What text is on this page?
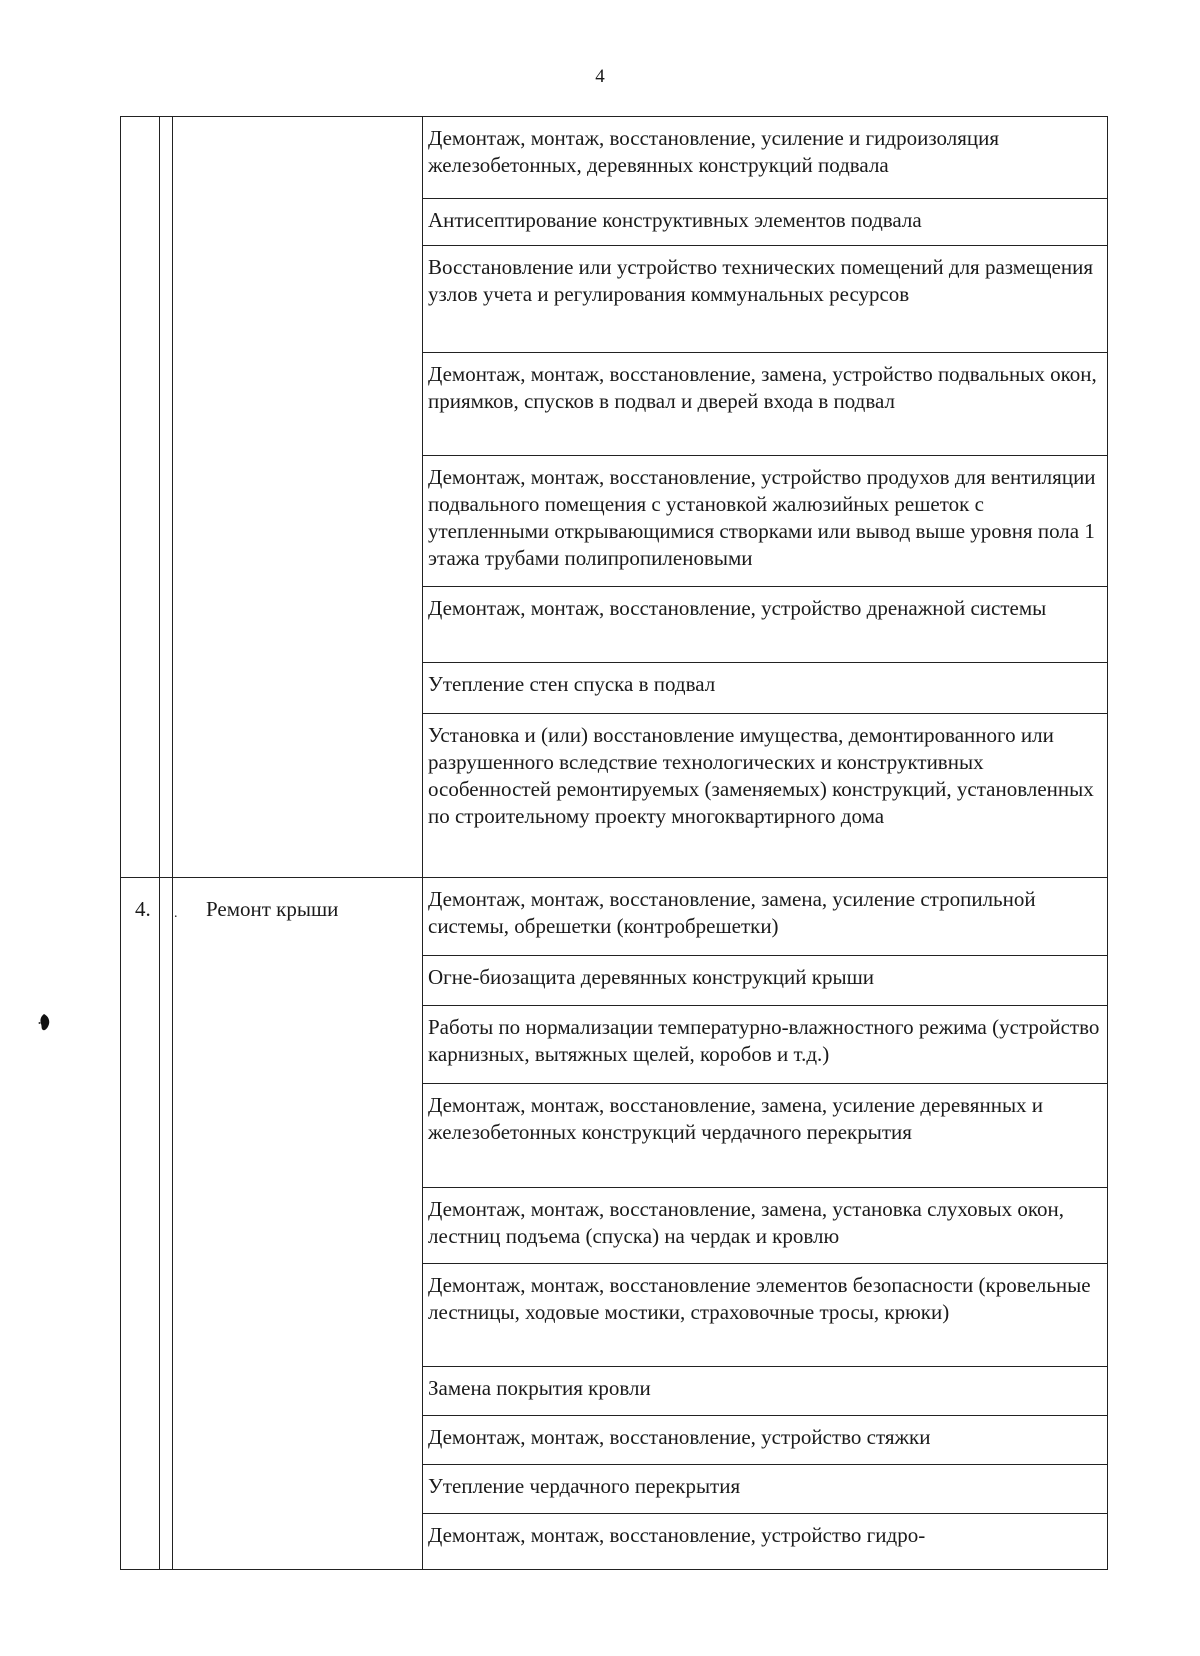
4

		Демонтаж, монтаж, восстановление, усиление и гидроизоляция железобетонных, деревянных конструкций подвала

		Антисептирование конструктивных элементов подвала

		Восстановление или устройство технических помещений для размещения узлов учета и регулирования коммунальных ресурсов

		Демонтаж, монтаж, восстановление, замена, устройство подвальных окон, приямков, спусков в подвал и дверей входа в подвал

		Демонтаж, монтаж, восстановление, устройство продухов для вентиляции подвального помещения с установкой жалюзийных решеток с утепленными открывающимися створками или вывод выше уровня пола 1 этажа трубами полипропиленовыми

		Демонтаж, монтаж, восстановление, устройство дренажной системы

		Утепление стен спуска в подвал

		Установка и (или) восстановление имущества, демонтированного или разрушенного вследствие технологических и конструктивных особенностей ремонтируемых (заменяемых) конструкций, установленных по строительному проекту многоквартирного дома

4.	. Ремонт крыши	Демонтаж, монтаж, восстановление, замена, усиление стропильной системы, обрешетки (контробрешетки)

		Огне-биозащита деревянных конструкций крыши

		Работы по нормализации температурно-влажностного режима (устройство карнизных, вытяжных щелей, коробов и т.д.)

		Демонтаж, монтаж, восстановление, замена, усиление деревянных и железобетонных конструкций чердачного перекрытия

		Демонтаж, монтаж, восстановление, замена, установка слуховых окон, лестниц подъема (спуска) на чердак и кровлю

		Демонтаж, монтаж, восстановление элементов безопасности (кровельные лестницы, ходовые мостики, страховочные тросы, крюки)

		Замена покрытия кровли

		Демонтаж, монтаж, восстановление, устройство стяжки

		Утепление чердачного перекрытия

		Демонтаж, монтаж, восстановление, устройство гидро-
